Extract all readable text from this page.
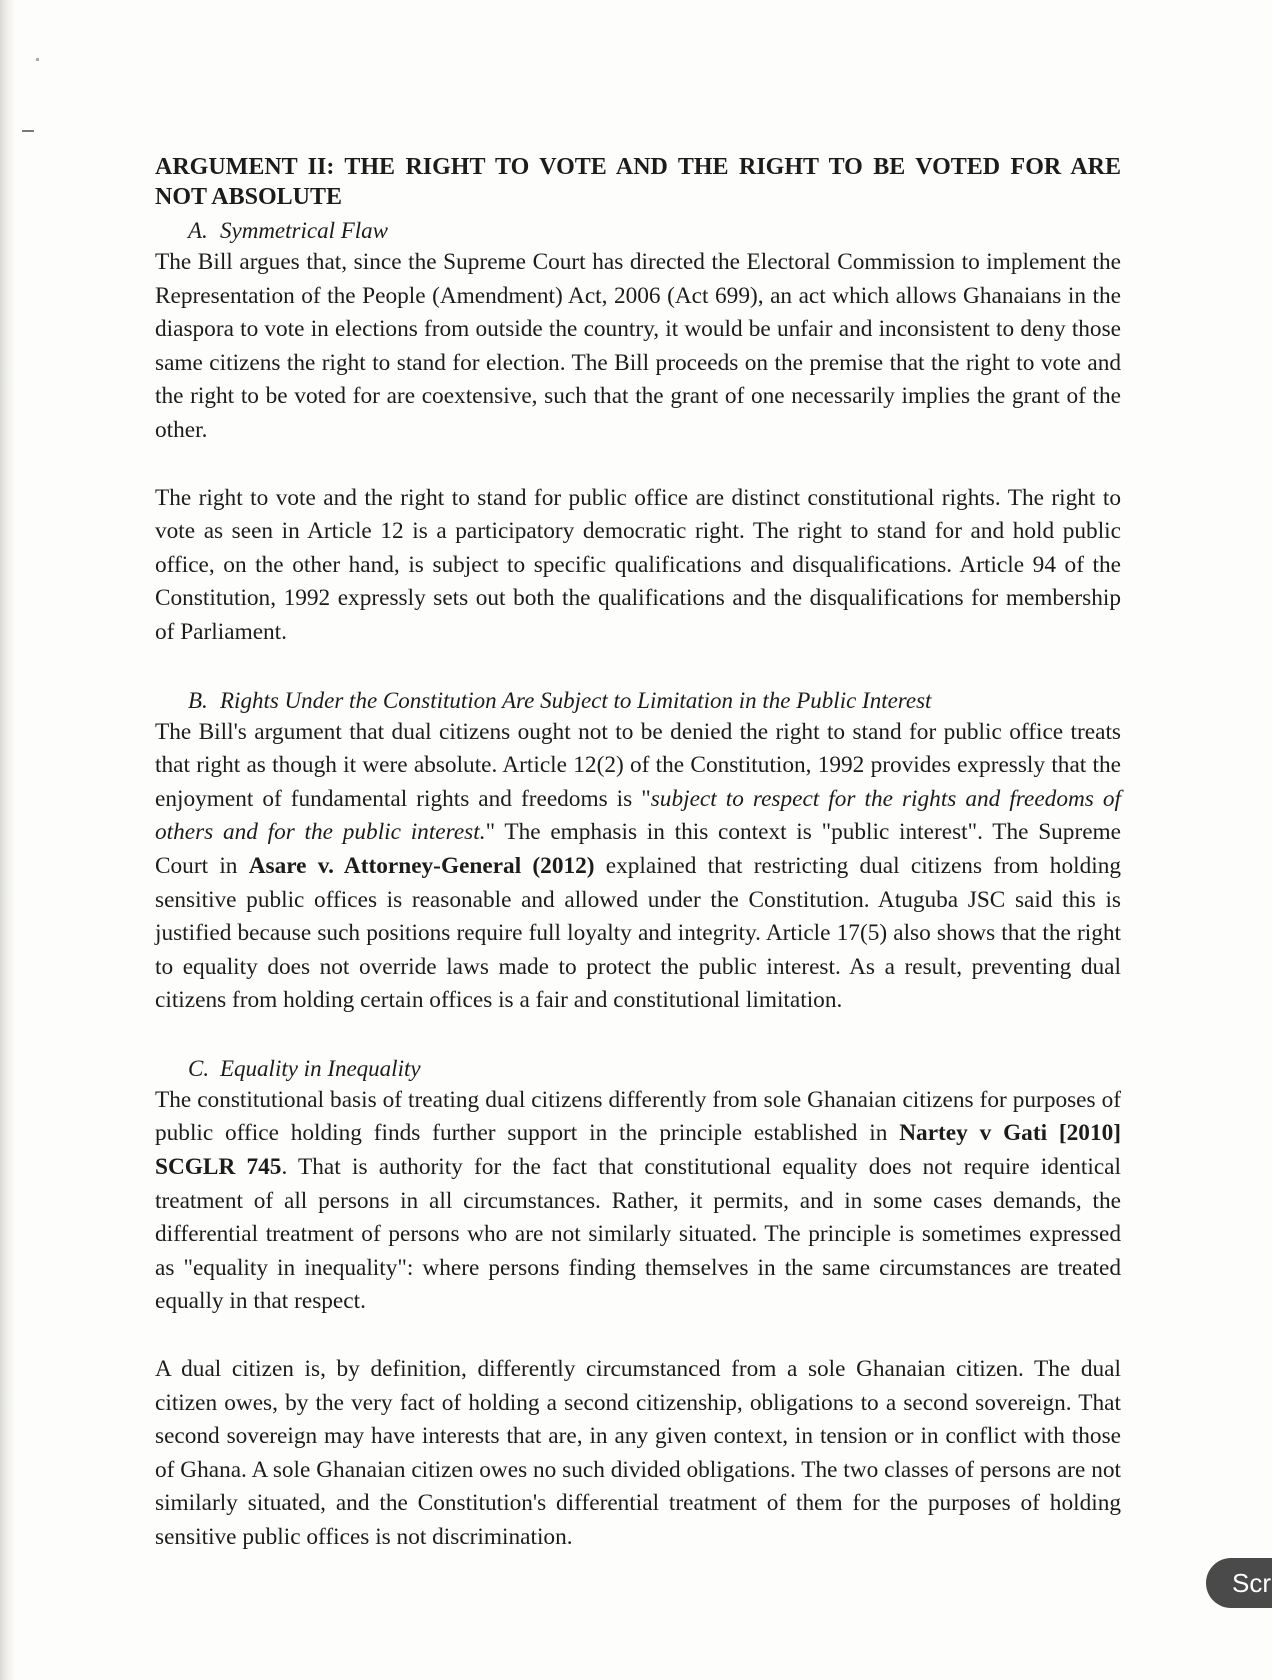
ARGUMENT II: THE RIGHT TO VOTE AND THE RIGHT TO BE VOTED FOR ARE NOT ABSOLUTE
A. Symmetrical Flaw

The Bill argues that, since the Supreme Court has directed the Electoral Commission to implement the Representation of the People (Amendment) Act, 2006 (Act 699), an act which allows Ghanaians in the diaspora to vote in elections from outside the country, it would be unfair and inconsistent to deny those same citizens the right to stand for election. The Bill proceeds on the premise that the right to vote and the right to be voted for are coextensive, such that the grant of one necessarily implies the grant of the other.

The right to vote and the right to stand for public office are distinct constitutional rights. The right to vote as seen in Article 12 is a participatory democratic right. The right to stand for and hold public office, on the other hand, is subject to specific qualifications and disqualifications. Article 94 of the Constitution, 1992 expressly sets out both the qualifications and the disqualifications for membership of Parliament.

B. Rights Under the Constitution Are Subject to Limitation in the Public Interest

The Bill's argument that dual citizens ought not to be denied the right to stand for public office treats that right as though it were absolute. Article 12(2) of the Constitution, 1992 provides expressly that the enjoyment of fundamental rights and freedoms is "subject to respect for the rights and freedoms of others and for the public interest." The emphasis in this context is "public interest". The Supreme Court in Asare v. Attorney-General (2012) explained that restricting dual citizens from holding sensitive public offices is reasonable and allowed under the Constitution. Atuguba JSC said this is justified because such positions require full loyalty and integrity. Article 17(5) also shows that the right to equality does not override laws made to protect the public interest. As a result, preventing dual citizens from holding certain offices is a fair and constitutional limitation.

C. Equality in Inequality

The constitutional basis of treating dual citizens differently from sole Ghanaian citizens for purposes of public office holding finds further support in the principle established in Nartey v Gati [2010] SCGLR 745. That is authority for the fact that constitutional equality does not require identical treatment of all persons in all circumstances. Rather, it permits, and in some cases demands, the differential treatment of persons who are not similarly situated. The principle is sometimes expressed as "equality in inequality": where persons finding themselves in the same circumstances are treated equally in that respect.

A dual citizen is, by definition, differently circumstanced from a sole Ghanaian citizen. The dual citizen owes, by the very fact of holding a second citizenship, obligations to a second sovereign. That second sovereign may have interests that are, in any given context, in tension or in conflict with those of Ghana. A sole Ghanaian citizen owes no such divided obligations. The two classes of persons are not similarly situated, and the Constitution's differential treatment of them for the purposes of holding sensitive public offices is not discrimination.

Scr
